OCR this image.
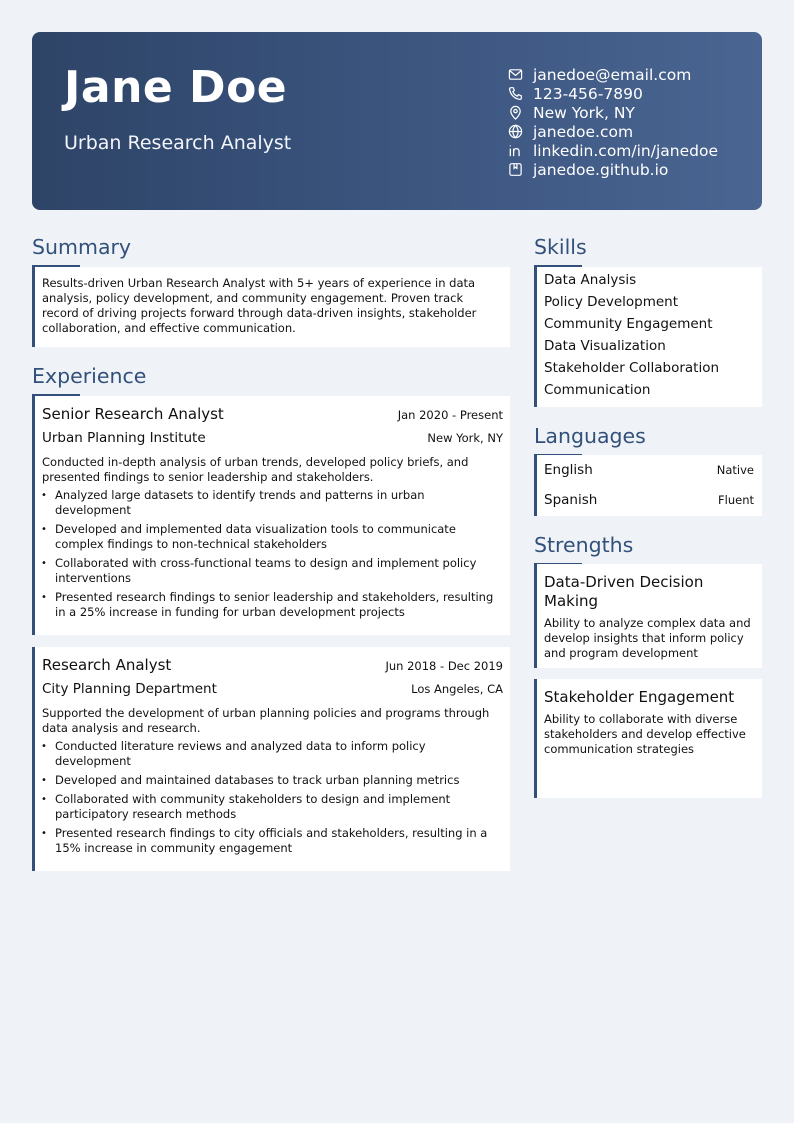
Jane Doe
Urban Research Analyst
janedoe@email.com
123-456-7890
New York, NY
janedoe.com
linkedin.com/in/janedoe
janedoe.github.io
Summary
Results-driven Urban Research Analyst with 5+ years of experience in data analysis, policy development, and community engagement. Proven track record of driving projects forward through data-driven insights, stakeholder collaboration, and effective communication.
Experience
Senior Research Analyst	Jan 2020 - Present
Urban Planning Institute	New York, NY
Conducted in-depth analysis of urban trends, developed policy briefs, and presented findings to senior leadership and stakeholders.
• Analyzed large datasets to identify trends and patterns in urban development
• Developed and implemented data visualization tools to communicate complex findings to non-technical stakeholders
• Collaborated with cross-functional teams to design and implement policy interventions
• Presented research findings to senior leadership and stakeholders, resulting in a 25% increase in funding for urban development projects
Research Analyst	Jun 2018 - Dec 2019
City Planning Department	Los Angeles, CA
Supported the development of urban planning policies and programs through data analysis and research.
• Conducted literature reviews and analyzed data to inform policy development
• Developed and maintained databases to track urban planning metrics
• Collaborated with community stakeholders to design and implement participatory research methods
• Presented research findings to city officials and stakeholders, resulting in a 15% increase in community engagement
Skills
Data Analysis
Policy Development
Community Engagement
Data Visualization
Stakeholder Collaboration
Communication
Languages
English	Native
Spanish	Fluent
Strengths
Data-Driven Decision Making
Ability to analyze complex data and develop insights that inform policy and program development
Stakeholder Engagement
Ability to collaborate with diverse stakeholders and develop effective communication strategies
